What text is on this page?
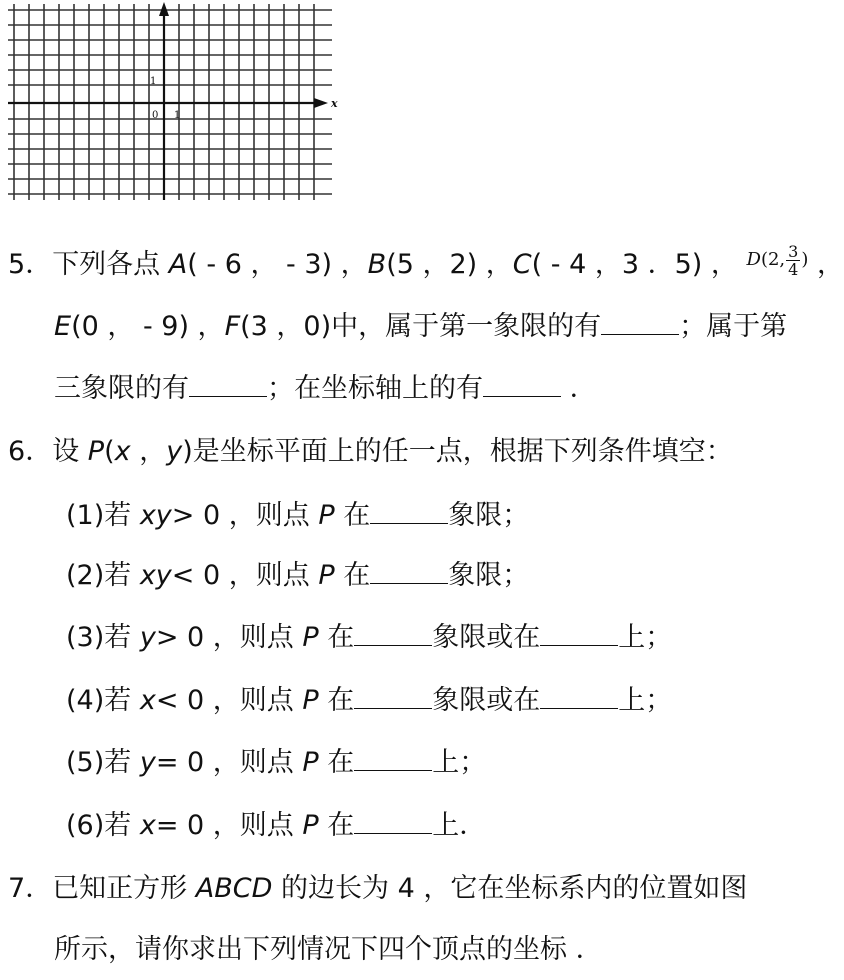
1
0 1
x
5．下列各点 A( - 6 ， - 3) ，B(5 ，2) ，C( - 4 ，3 ．5) ， D(2, $\frac{3}{4}$ ) ，
E(0 ， - 9) ，F(3 ，0)中，属于第一象限的有	；属于第
三象限的有	；在坐标轴上的有	．
6．设 P(x ，y)是坐标平面上的任一点，根据下列条件填空：
(1)若 xy> 0 ，则点 P 在	象限；
(2)若 xy< 0 ，则点 P 在	象限；
(3)若 y> 0 ，则点 P 在	象限或在	上；
(4)若 x< 0 ，则点 P 在	象限或在	上；
(5)若 y= 0 ，则点 P 在	上；
(6)若 x= 0 ，则点 P 在	上．
7．已知正方形 ABCD 的边长为 4 ，它在坐标系内的位置如图
所示，请你求出下列情况下四个顶点的坐标 ．
